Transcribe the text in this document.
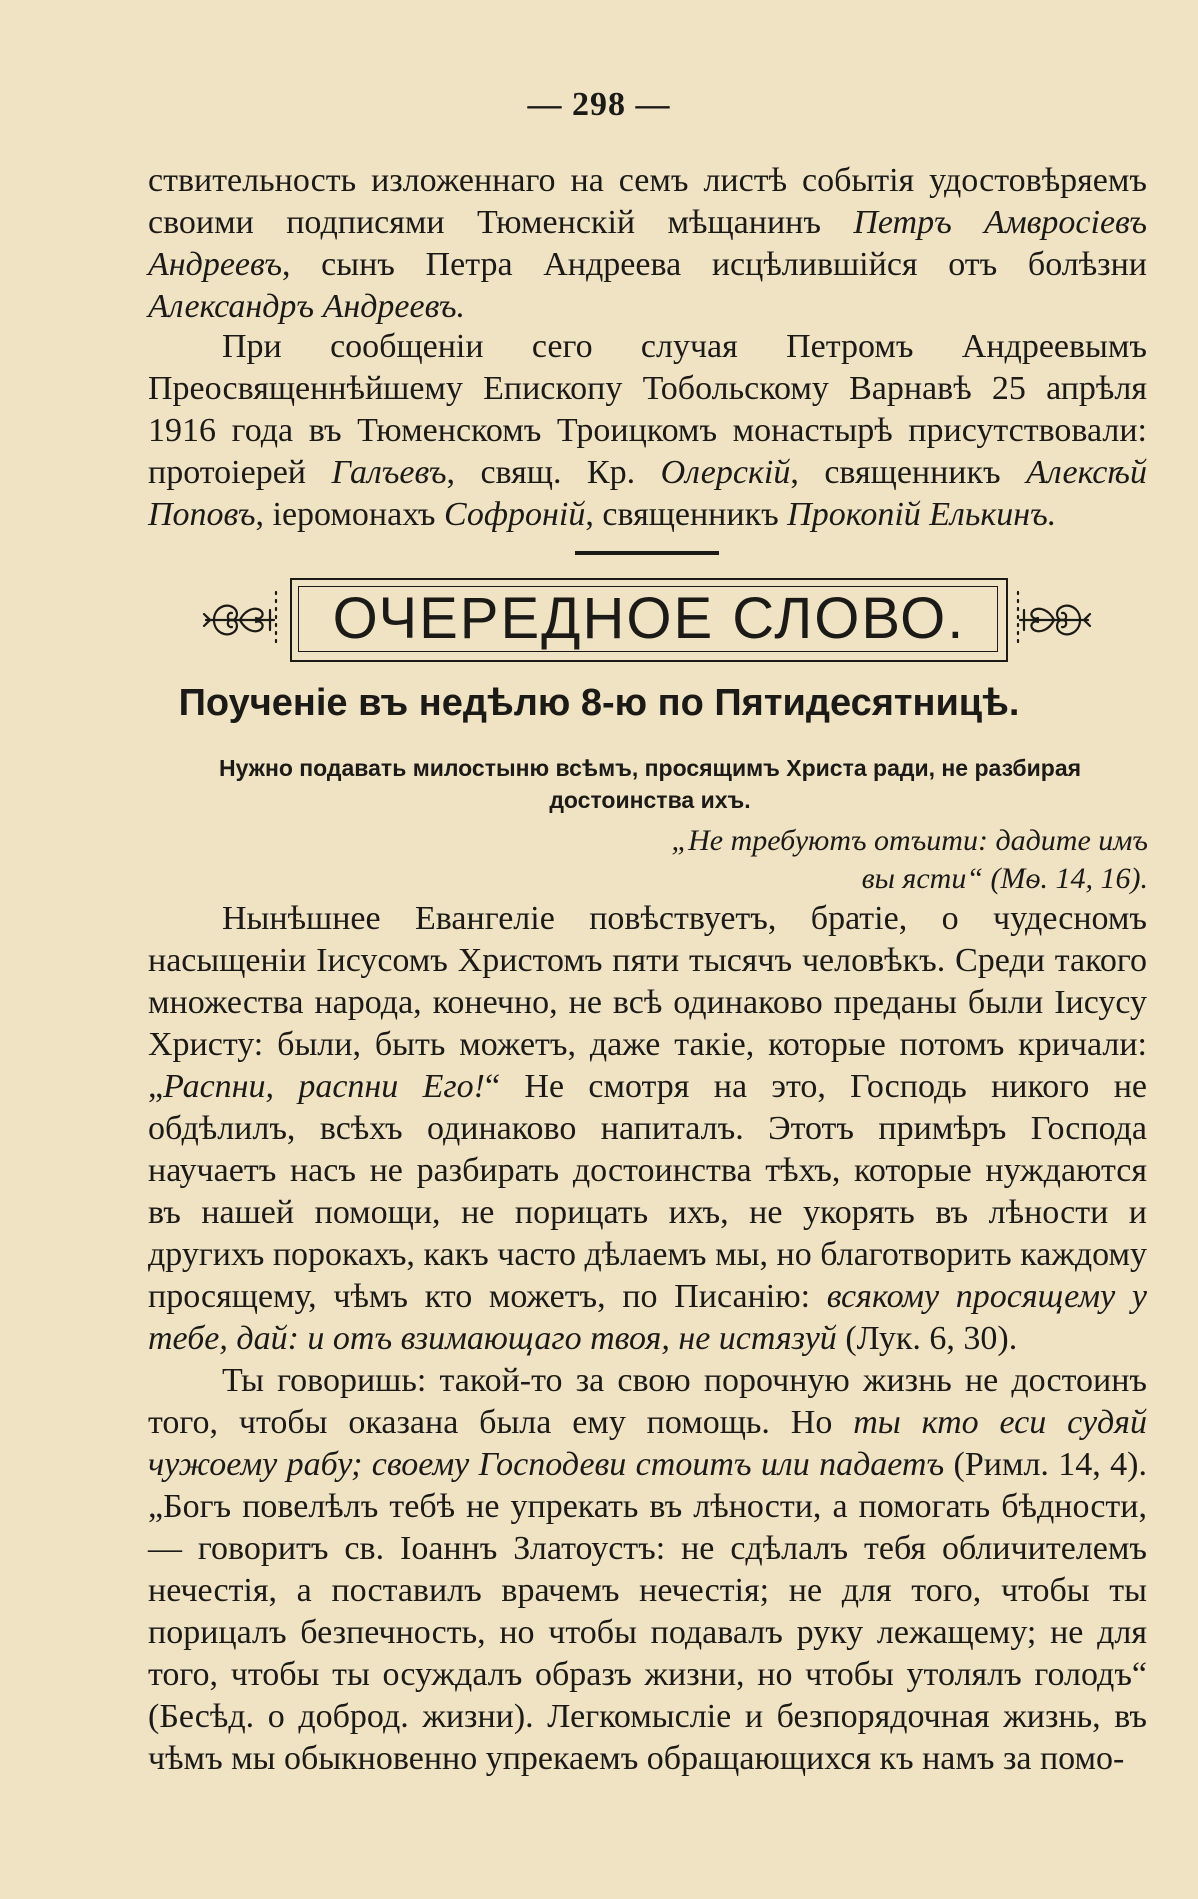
— 298 —

ствительность изложеннаго на семъ листѣ событія удостовѣряемъ своими подписями Тюменскій мѣщанинъ Петръ Амвросіевъ Андреевъ, сынъ Петра Андреева исцѣлившійся отъ болѣзни Александръ Андреевъ.

При сообщеніи сего случая Петромъ Андреевымъ Преосвященнѣйшему Епископу Тобольскому Варнавѣ 25 апрѣля 1916 года въ Тюменскомъ Троицкомъ монастырѣ присутствовали: протоіерей Галъевъ, свящ. Кр. Олерскій, священникъ Алексѣй Поповъ, іеромонахъ Софроній, священникъ Прокопій Елькинъ.

ОЧЕРЕДНОЕ СЛОВО.
Поученіе въ недѣлю 8-ю по Пятидесятницѣ.
Нужно подавать милостыню всѣмъ, просящимъ Христа ради, не разбирая достоинства ихъ.
„Не требуютъ отъити: дадите имъ вы ясти“ (Мѳ. 14, 16).

Нынѣшнее Евангеліе повѣствуетъ, братіе, о чудесномъ насыщеніи Іисусомъ Христомъ пяти тысячъ человѣкъ. Среди такого множества народа, конечно, не всѣ одинаково преданы были Іисусу Христу: были, быть можетъ, даже такіе, которые потомъ кричали: „Распни, распни Его!“ Не смотря на это, Господь никого не обдѣлилъ, всѣхъ одинаково напиталъ. Этотъ примѣръ Господа научаетъ насъ не разбирать достоинства тѣхъ, которые нуждаются въ нашей помощи, не порицать ихъ, не укорять въ лѣности и другихъ порокахъ, какъ часто дѣлаемъ мы, но благотворить каждому просящему, чѣмъ кто можетъ, по Писанію: всякому просящему у тебе, дай: и отъ взимающаго твоя, не истязуй (Лук. 6, 30).

Ты говоришь: такой-то за свою порочную жизнь не достоинъ того, чтобы оказана была ему помощь. Но ты кто еси судяй чужоему рабу; своему Господеви стоитъ или падаетъ (Римл. 14, 4). „Богъ повелѣлъ тебѣ не упрекать въ лѣности, а помогать бѣдности, — говоритъ св. Іоаннъ Златоустъ: не сдѣлалъ тебя обличителемъ нечестія, а поставилъ врачемъ нечестія; не для того, чтобы ты порицалъ безпечность, но чтобы подавалъ руку лежащему; не для того, чтобы ты осуждалъ образъ жизни, но чтобы утолялъ голодъ“ (Бесѣд. о доброд. жизни). Легкомысліе и безпорядочная жизнь, въ чѣмъ мы обыкновенно упрекаемъ обращающихся къ намъ за помо-
